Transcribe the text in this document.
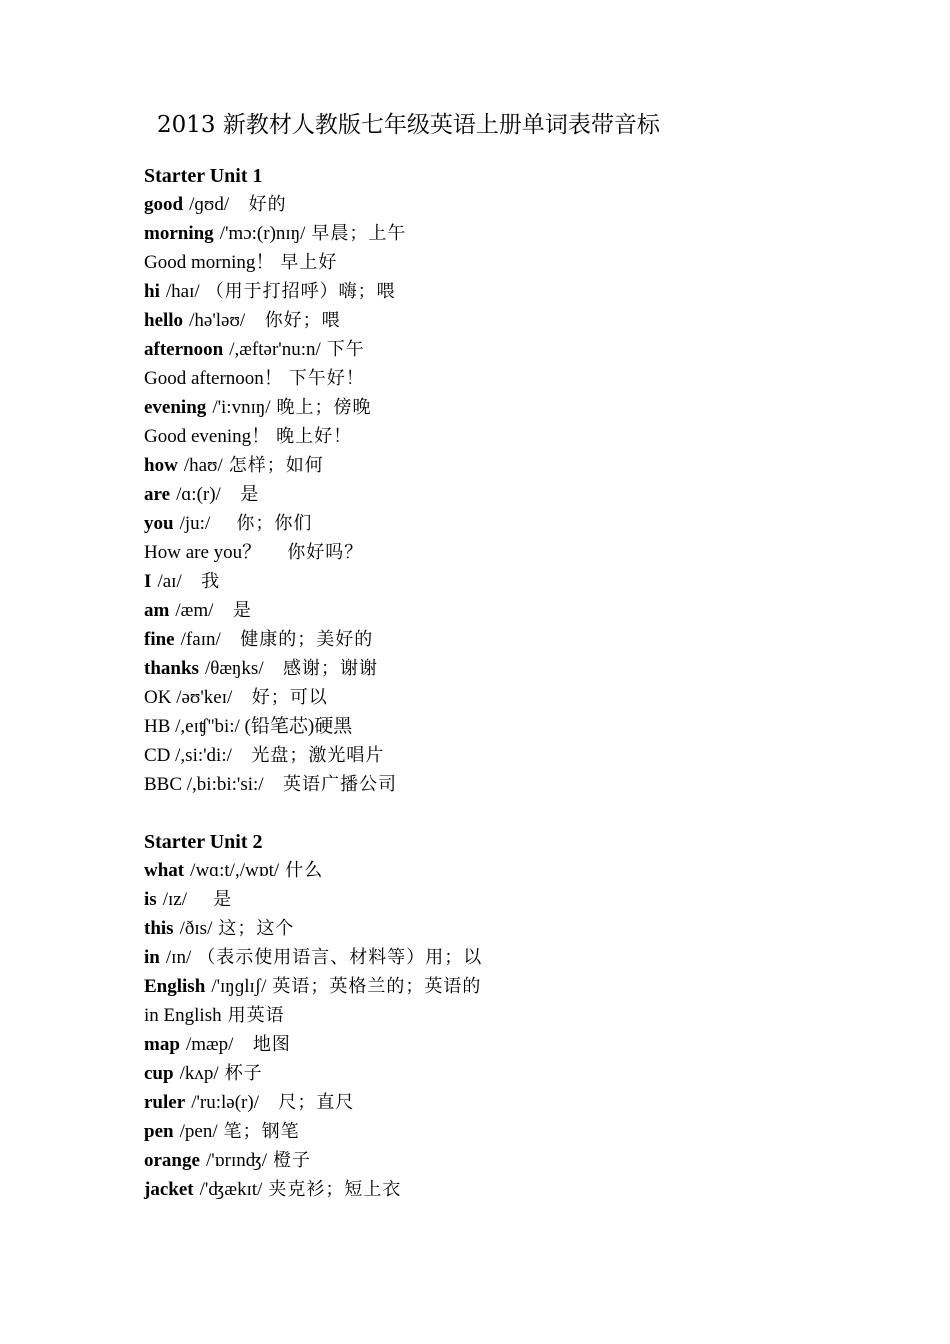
2013 新教材人教版七年级英语上册单词表带音标
Starter Unit 1
good /ɡʊd/  好的
morning /'mɔ:(r)nɪŋ/ 早晨；上午
Good morning！ 早上好
hi /haɪ/ （用于打招呼）嗨；喂
hello /hə'ləʊ/  你好；喂
afternoon /,æftər'nu:n/ 下午
Good afternoon！ 下午好！
evening /'i:vnɪŋ/ 晚上；傍晚
Good evening！ 晚上好！
how /haʊ/ 怎样；如何
are /ɑ:(r)/  是
you /ju:/   你；你们
How are you？   你好吗？
I /aɪ/  我
am /æm/  是
fine /faɪn/  健康的；美好的
thanks /θæŋks/  感谢；谢谢
OK /əʊ'keɪ/  好；可以
HB /,eɪʧ''bi:/ (铅笔芯)硬黑
CD /,si:'di:/  光盘；激光唱片
BBC /,bi:bi:'si:/  英语广播公司
Starter Unit 2
what /wɑ:t/,/wɒt/ 什么
is /ɪz/   是
this /ðɪs/ 这；这个
in /ɪn/ （表示使用语言、材料等）用；以
English /'ɪŋɡlɪʃ/ 英语；英格兰的；英语的
in English 用英语
map /mæp/  地图
cup /kʌp/ 杯子
ruler /'ru:lə(r)/  尺；直尺
pen /pen/ 笔；钢笔
orange /'ɒrɪnʤ/ 橙子
jacket /'ʤækɪt/ 夹克衫；短上衣
